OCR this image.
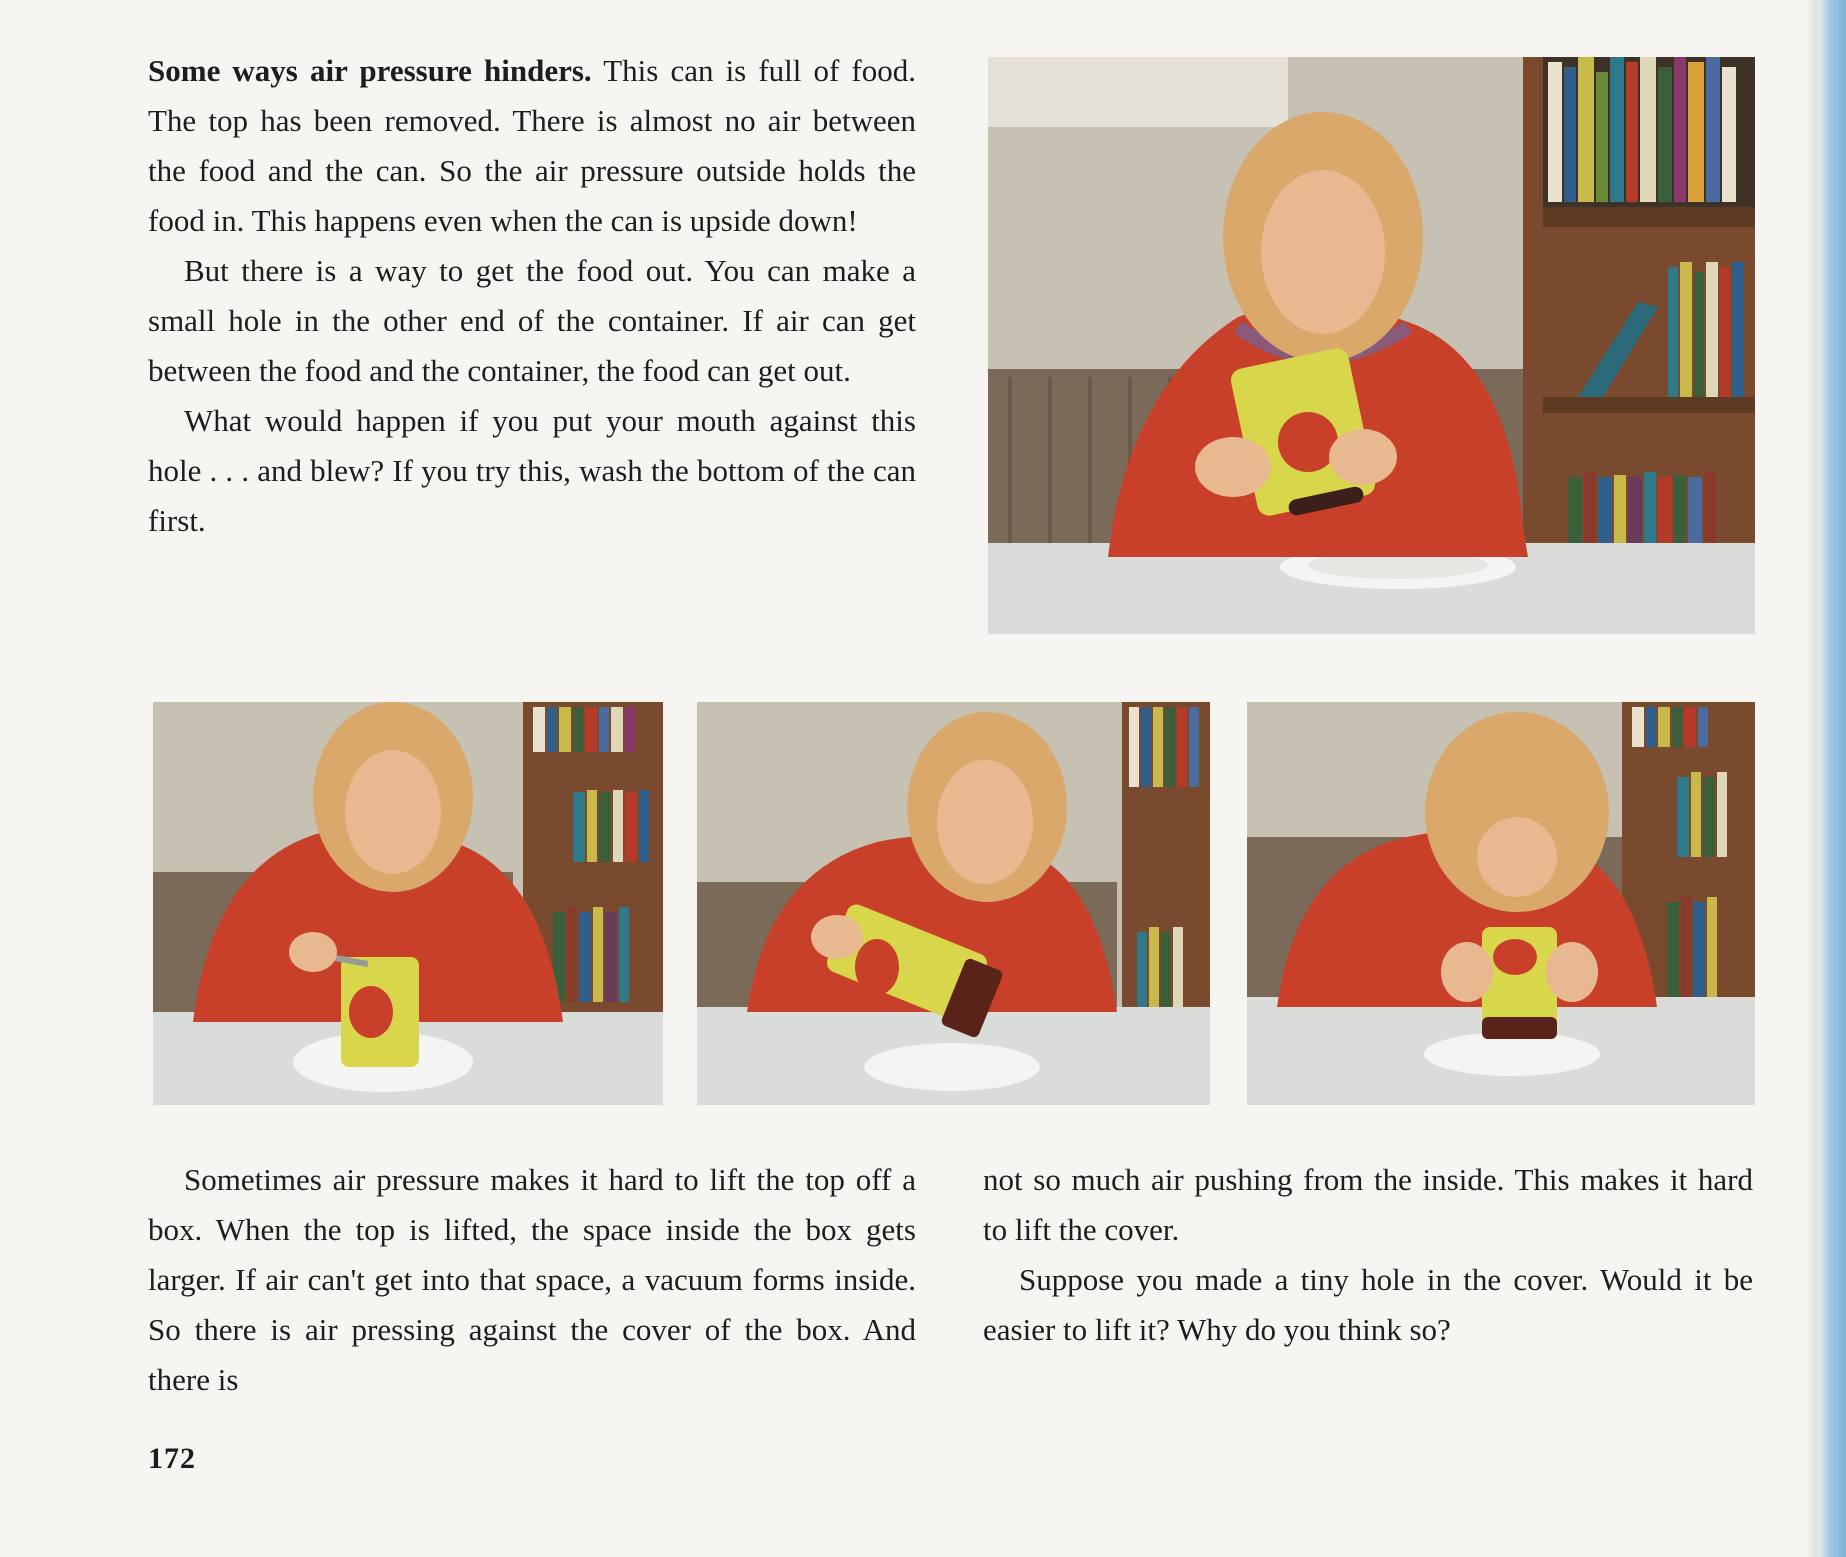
Some ways air pressure hinders. This can is full of food. The top has been removed. There is almost no air between the food and the can. So the air pressure outside holds the food in. This happens even when the can is upside down!

But there is a way to get the food out. You can make a small hole in the other end of the container. If air can get between the food and the container, the food can get out.

What would happen if you put your mouth against this hole . . . and blew? If you try this, wash the bottom of the can first.

Sometimes air pressure makes it hard to lift the top off a box. When the top is lifted, the space inside the box gets larger. If air can't get into that space, a vacuum forms inside. So there is air pressing against the cover of the box. And there is

not so much air pushing from the inside. This makes it hard to lift the cover.

Suppose you made a tiny hole in the cover. Would it be easier to lift it? Why do you think so?

172
